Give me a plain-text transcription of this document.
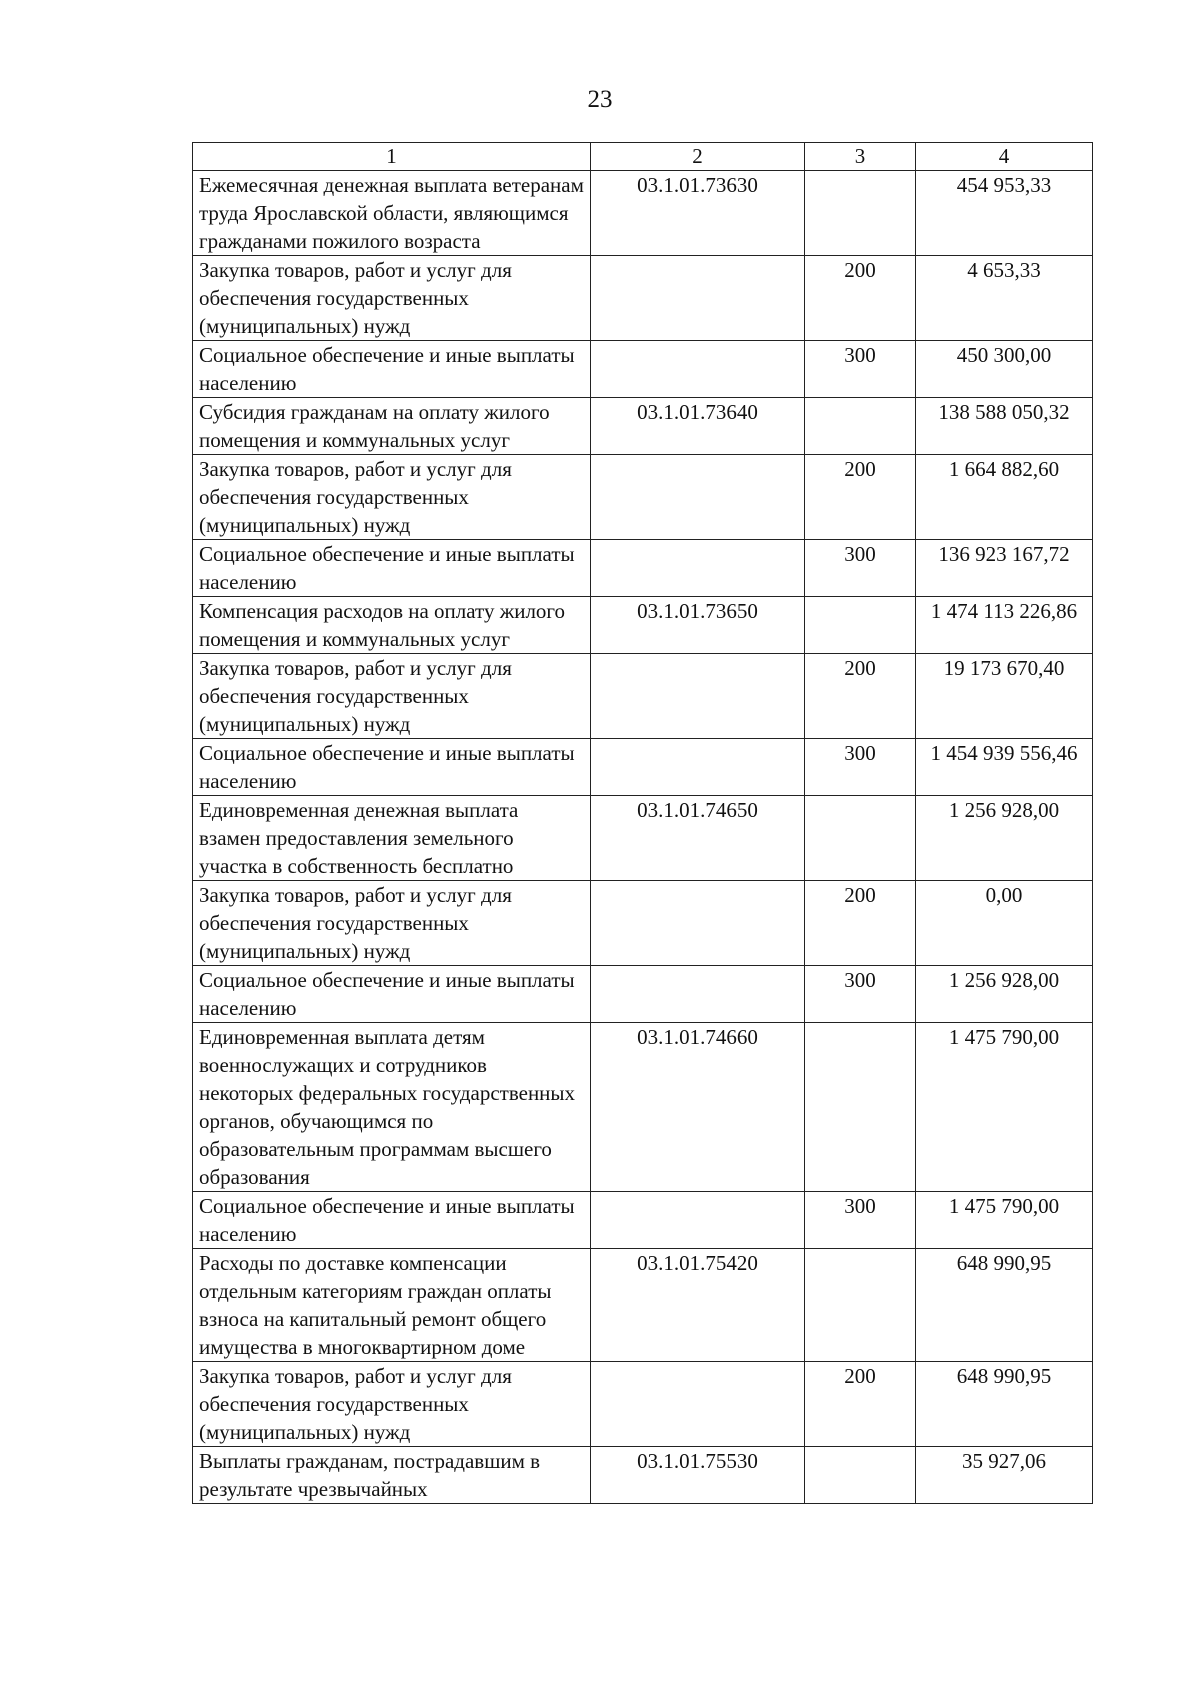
23
1	2	3	4
Ежемесячная денежная выплата ветеранам труда Ярославской области, являющимся гражданами пожилого возраста	03.1.01.73630		454 953,33
Закупка товаров, работ и услуг для обеспечения государственных (муниципальных) нужд		200	4 653,33
Социальное обеспечение и иные выплаты населению		300	450 300,00
Субсидия гражданам на оплату жилого помещения и коммунальных услуг	03.1.01.73640		138 588 050,32
Закупка товаров, работ и услуг для обеспечения государственных (муниципальных) нужд		200	1 664 882,60
Социальное обеспечение и иные выплаты населению		300	136 923 167,72
Компенсация расходов на оплату жилого помещения и коммунальных услуг	03.1.01.73650		1 474 113 226,86
Закупка товаров, работ и услуг для обеспечения государственных (муниципальных) нужд		200	19 173 670,40
Социальное обеспечение и иные выплаты населению		300	1 454 939 556,46
Единовременная денежная выплата взамен предоставления земельного участка в собственность бесплатно	03.1.01.74650		1 256 928,00
Закупка товаров, работ и услуг для обеспечения государственных (муниципальных) нужд		200	0,00
Социальное обеспечение и иные выплаты населению		300	1 256 928,00
Единовременная выплата детям военнослужащих и сотрудников некоторых федеральных государственных органов, обучающимся по образовательным программам высшего образования	03.1.01.74660		1 475 790,00
Социальное обеспечение и иные выплаты населению		300	1 475 790,00
Расходы по доставке компенсации отдельным категориям граждан оплаты взноса на капитальный ремонт общего имущества в многоквартирном доме	03.1.01.75420		648 990,95
Закупка товаров, работ и услуг для обеспечения государственных (муниципальных) нужд		200	648 990,95
Выплаты гражданам, пострадавшим в результате чрезвычайных	03.1.01.75530		35 927,06
